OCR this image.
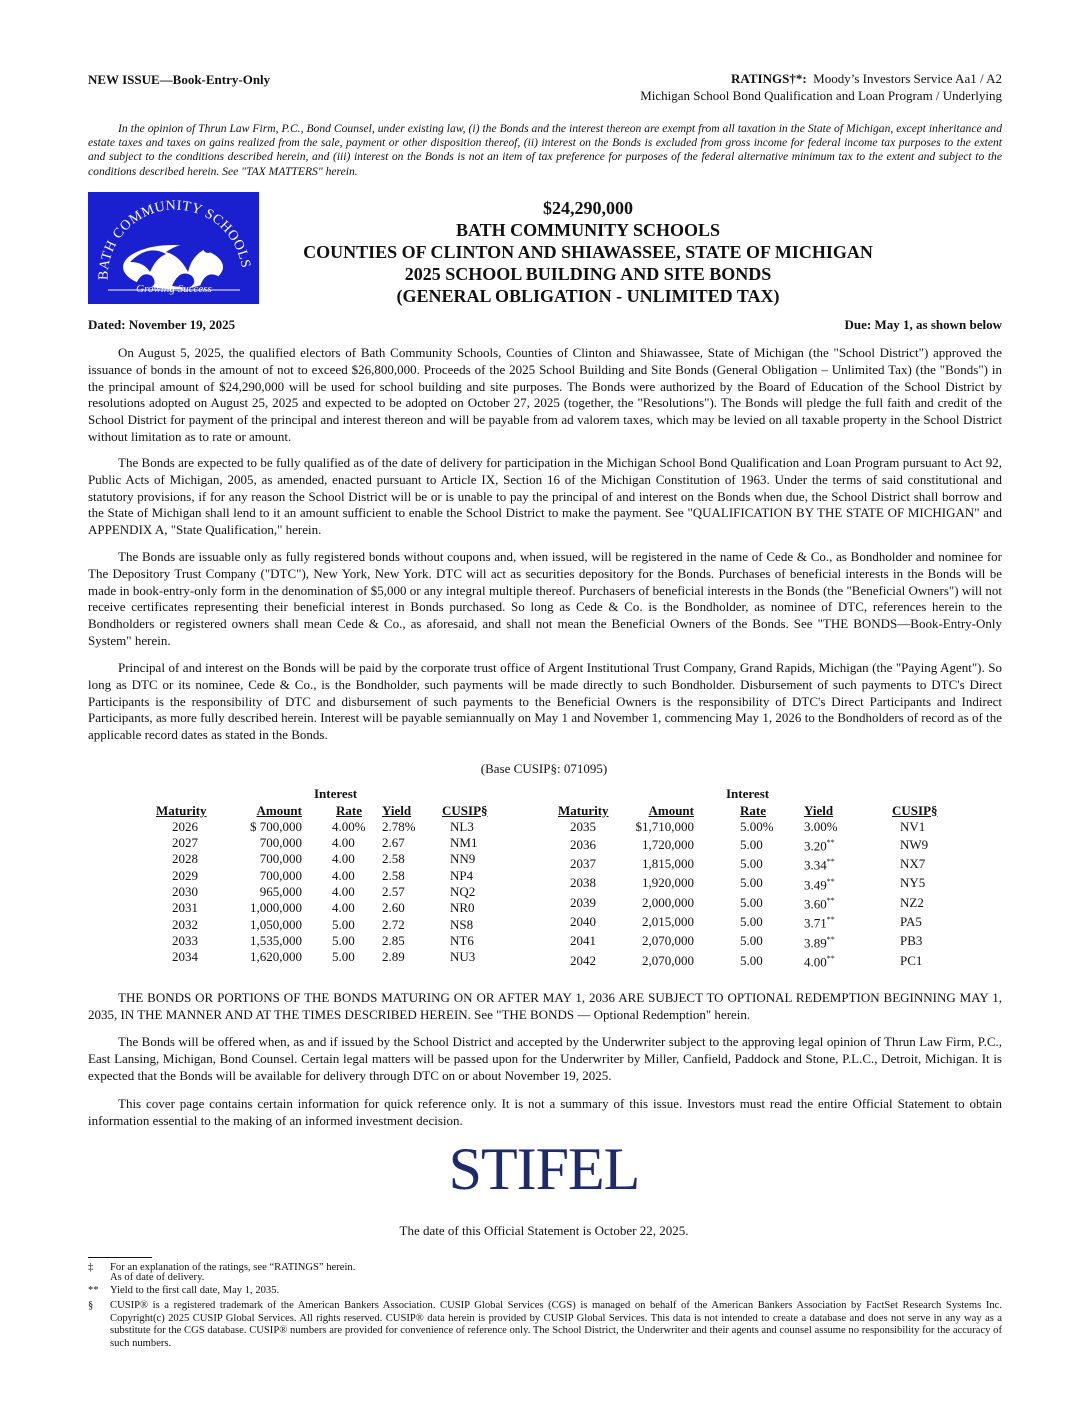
NEW ISSUE—Book-Entry-Only	RATINGS†*: Moody’s Investors Service Aa1 / A2
Michigan School Bond Qualification and Loan Program / Underlying

In the opinion of Thrun Law Firm, P.C., Bond Counsel, under existing law, (i) the Bonds and the interest thereon are exempt from all taxation in the State of Michigan, except inheritance and estate taxes and taxes on gains realized from the sale, payment or other disposition thereof, (ii) interest on the Bonds is excluded from gross income for federal income tax purposes to the extent and subject to the conditions described herein, and (iii) interest on the Bonds is not an item of tax preference for purposes of the federal alternative minimum tax to the extent and subject to the conditions described herein. See "TAX MATTERS" herein.

BATH COMMUNITY SCHOOLS
Growing Success
$24,290,000
BATH COMMUNITY SCHOOLS
COUNTIES OF CLINTON AND SHIAWASSEE, STATE OF MICHIGAN
2025 SCHOOL BUILDING AND SITE BONDS
(GENERAL OBLIGATION - UNLIMITED TAX)
Dated: November 19, 2025	Due: May 1, as shown below

On August 5, 2025, the qualified electors of Bath Community Schools, Counties of Clinton and Shiawassee, State of Michigan (the "School District") approved the issuance of bonds in the amount of not to exceed $26,800,000. Proceeds of the 2025 School Building and Site Bonds (General Obligation – Unlimited Tax) (the "Bonds") in the principal amount of $24,290,000 will be used for school building and site purposes. The Bonds were authorized by the Board of Education of the School District by resolutions adopted on August 25, 2025 and expected to be adopted on October 27, 2025 (together, the "Resolutions"). The Bonds will pledge the full faith and credit of the School District for payment of the principal and interest thereon and will be payable from ad valorem taxes, which may be levied on all taxable property in the School District without limitation as to rate or amount.

The Bonds are expected to be fully qualified as of the date of delivery for participation in the Michigan School Bond Qualification and Loan Program pursuant to Act 92, Public Acts of Michigan, 2005, as amended, enacted pursuant to Article IX, Section 16 of the Michigan Constitution of 1963. Under the terms of said constitutional and statutory provisions, if for any reason the School District will be or is unable to pay the principal of and interest on the Bonds when due, the School District shall borrow and the State of Michigan shall lend to it an amount sufficient to enable the School District to make the payment. See "QUALIFICATION BY THE STATE OF MICHIGAN" and APPENDIX A, "State Qualification," herein.

The Bonds are issuable only as fully registered bonds without coupons and, when issued, will be registered in the name of Cede & Co., as Bondholder and nominee for The Depository Trust Company ("DTC"), New York, New York. DTC will act as securities depository for the Bonds. Purchases of beneficial interests in the Bonds will be made in book-entry-only form in the denomination of $5,000 or any integral multiple thereof. Purchasers of beneficial interests in the Bonds (the "Beneficial Owners") will not receive certificates representing their beneficial interest in Bonds purchased. So long as Cede & Co. is the Bondholder, as nominee of DTC, references herein to the Bondholders or registered owners shall mean Cede & Co., as aforesaid, and shall not mean the Beneficial Owners of the Bonds. See "THE BONDS—Book-Entry-Only System" herein.

Principal of and interest on the Bonds will be paid by the corporate trust office of Argent Institutional Trust Company, Grand Rapids, Michigan (the "Paying Agent"). So long as DTC or its nominee, Cede & Co., is the Bondholder, such payments will be made directly to such Bondholder. Disbursement of such payments to DTC's Direct Participants is the responsibility of DTC and disbursement of such payments to the Beneficial Owners is the responsibility of DTC's Direct Participants and Indirect Participants, as more fully described herein. Interest will be payable semiannually on May 1 and November 1, commencing May 1, 2026 to the Bondholders of record as of the applicable record dates as stated in the Bonds.

(Base CUSIP§: 071095)
		Interest		
Maturity	Amount	Rate	Yield	CUSIP§
2026	$ 700,000	4.00%	2.78%	NL3
2027	700,000	4.00	2.67	NM1
2028	700,000	4.00	2.58	NN9
2029	700,000	4.00	2.58	NP4
2030	965,000	4.00	2.57	NQ2
2031	1,000,000	4.00	2.60	NR0
2032	1,050,000	5.00	2.72	NS8
2033	1,535,000	5.00	2.85	NT6
2034	1,620,000	5.00	2.89	NU3
		Interest		
Maturity	Amount	Rate	Yield	CUSIP§
2035	$1,710,000	5.00%	3.00%	NV1
2036	1,720,000	5.00	3.20**	NW9
2037	1,815,000	5.00	3.34**	NX7
2038	1,920,000	5.00	3.49**	NY5
2039	2,000,000	5.00	3.60**	NZ2
2040	2,015,000	5.00	3.71**	PA5
2041	2,070,000	5.00	3.89**	PB3
2042	2,070,000	5.00	4.00**	PC1

THE BONDS OR PORTIONS OF THE BONDS MATURING ON OR AFTER MAY 1, 2036 ARE SUBJECT TO OPTIONAL REDEMPTION BEGINNING MAY 1, 2035, IN THE MANNER AND AT THE TIMES DESCRIBED HEREIN. See "THE BONDS — Optional Redemption" herein.

The Bonds will be offered when, as and if issued by the School District and accepted by the Underwriter subject to the approving legal opinion of Thrun Law Firm, P.C., East Lansing, Michigan, Bond Counsel. Certain legal matters will be passed upon for the Underwriter by Miller, Canfield, Paddock and Stone, P.L.C., Detroit, Michigan. It is expected that the Bonds will be available for delivery through DTC on or about November 19, 2025.

This cover page contains certain information for quick reference only. It is not a summary of this issue. Investors must read the entire Official Statement to obtain information essential to the making of an informed investment decision.

STIFEL
The date of this Official Statement is October 22, 2025.
‡ For an explanation of the ratings, see “RATINGS” herein.
As of date of delivery.
** Yield to the first call date, May 1, 2035.
§ CUSIP® is a registered trademark of the American Bankers Association. CUSIP Global Services (CGS) is managed on behalf of the American Bankers Association by FactSet Research Systems Inc. Copyright(c) 2025 CUSIP Global Services. All rights reserved. CUSIP® data herein is provided by CUSIP Global Services. This data is not intended to create a database and does not serve in any way as a substitute for the CGS database. CUSIP® numbers are provided for convenience of reference only. The School District, the Underwriter and their agents and counsel assume no responsibility for the accuracy of such numbers.
